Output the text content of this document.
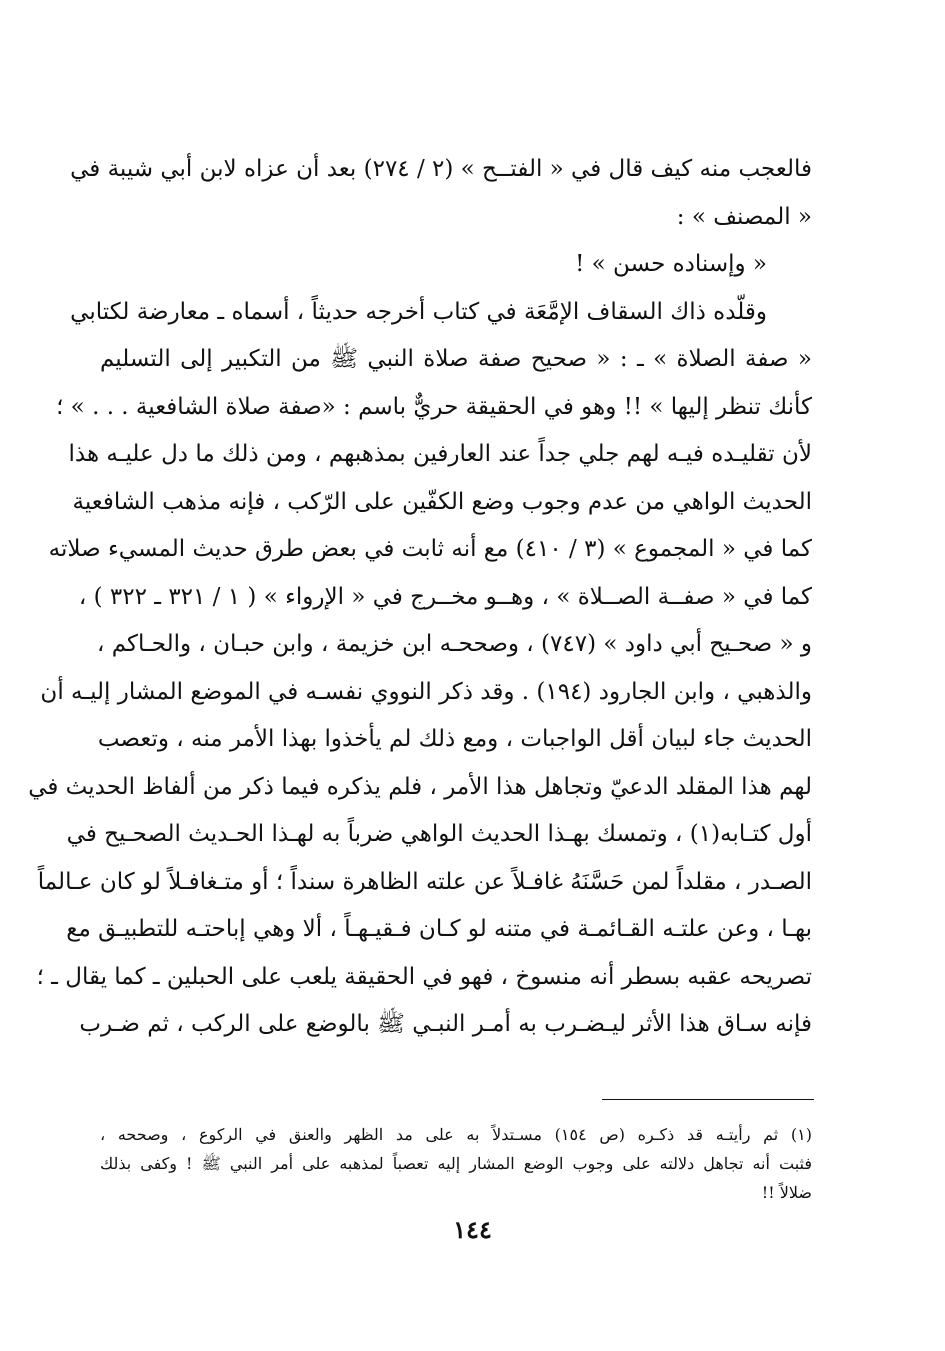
فالعجب منه كيف قال في « الفتــح » (٢ / ٢٧٤) بعد أن عزاه لابن أبي شيبة في
« المصنف » :
« وإسناده حسن » !
وقلّده ذاك السقاف الإمَّعَة في كتاب أخرجه حديثاً ، أسماه ـ معارضة لكتابي
« صفة الصلاة » ـ : « صحيح صفة صلاة النبي ﷺ من التكبير إلى التسليم
كأنك تنظر إليها » !! وهو في الحقيقة حريٌّ باسم : «صفة صلاة الشافعية . . . » ؛
لأن تقليـده فيـه لهم جلي جداً عند العارفين بمذهبهم ، ومن ذلك ما دل عليـه هذا
الحديث الواهي من عدم وجوب وضع الكفّين على الرّكب ، فإنه مذهب الشافعية
كما في « المجموع » (٣ / ٤١٠) مع أنه ثابت في بعض طرق حديث المسيء صلاته
كما في « صفــة الصــلاة » ، وهــو مخــرج في « الإرواء » ( ١ / ٣٢١ ـ ٣٢٢ ) ،
و « صحـيح أبي داود » (٧٤٧) ، وصححـه ابن خزيمة ، وابن حبـان ، والحـاكم ،
والذهبي ، وابن الجارود (١٩٤) . وقد ذكر النووي نفسـه في الموضع المشار إليـه أن
الحديث جاء لبيان أقل الواجبات ، ومع ذلك لم يأخذوا بهذا الأمر منه ، وتعصب
لهم هذا المقلد الدعيّ وتجاهل هذا الأمر ، فلم يذكره فيما ذكر من ألفاظ الحديث في
أول كتـابه(١) ، وتمسك بهـذا الحديث الواهي ضرباً به لهـذا الحـديث الصحـيح في
الصـدر ، مقلداً لمن حَسَّنَهُ غافـلاً عن علته الظاهرة سنداً ؛ أو متـغافـلاً لو كان عـالماً
بهـا ، وعن علتـه القـائمـة في متنه لو كـان فـقيـهـاً ، ألا وهي إباحتـه للتطبيـق مع
تصريحه عقبه بسطر أنه منسوخ ، فهو في الحقيقة يلعب على الحبلين ـ كما يقال ـ ؛
فإنه سـاق هذا الأثر ليـضـرب به أمـر النبـي ﷺ بالوضع على الركب ، ثم ضـرب
(١) ثم رأيتـه قد ذكـره (ص ١٥٤) مسـتدلاً به على مد الظهر والعنق في الركوع ، وصححه ،
فثبت أنه تجاهل دلالته على وجوب الوضع المشار إليه تعصباً لمذهبه على أمر النبي ﷺ ! وكفى بذلك
ضلالاً !!
١٤٤
